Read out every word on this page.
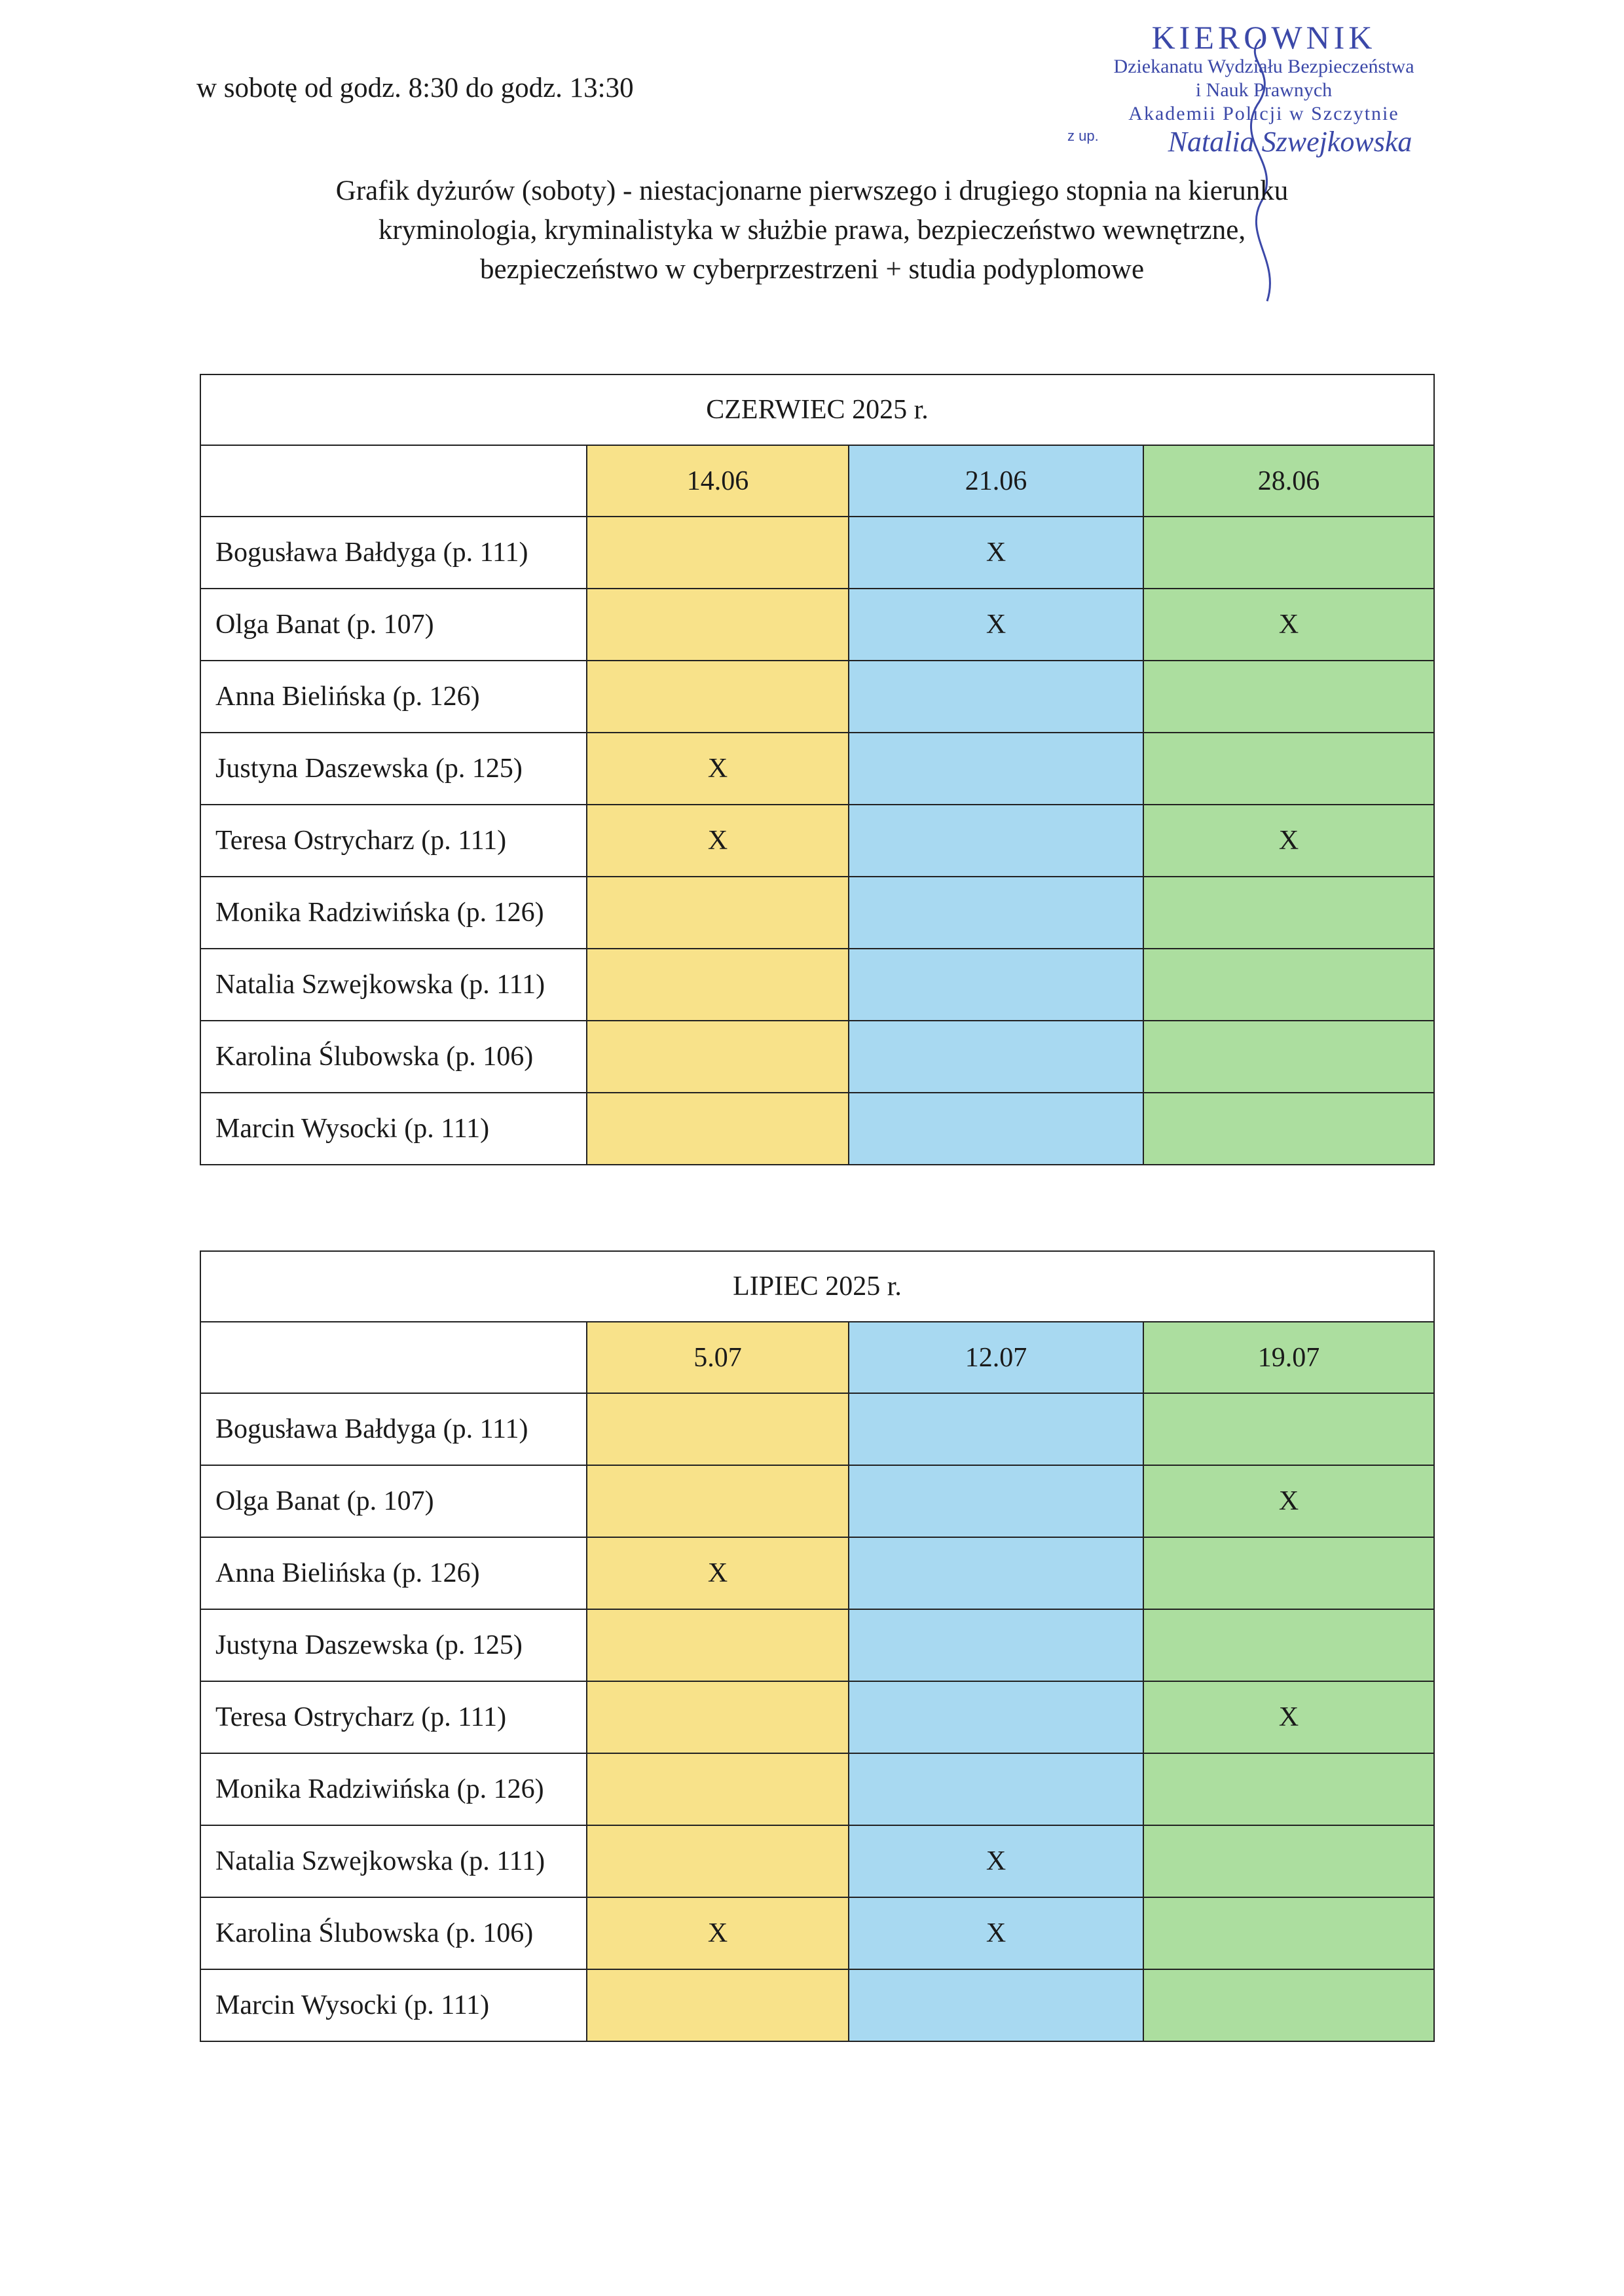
w sobotę od godz. 8:30 do godz. 13:30
KIEROWNIK
Dziekanatu Wydziału Bezpieczeństwa
i Nauk Prawnych
Akademii Policji w Szczytnie
z up.	Natalia Szwejkowska
Grafik dyżurów (soboty) - niestacjonarne pierwszego i drugiego stopnia na kierunku
kryminologia, kryminalistyka w służbie prawa, bezpieczeństwo wewnętrzne,
bezpieczeństwo w cyberprzestrzeni + studia podyplomowe
CZERWIEC 2025 r.			
	14.06	21.06	28.06
Bogusława Bałdyga (p. 111)		X	
Olga Banat (p. 107)		X	X
Anna Bielińska (p. 126)			
Justyna Daszewska (p. 125)	X		
Teresa Ostrycharz (p. 111)	X		X
Monika Radziwińska (p. 126)			
Natalia Szwejkowska (p. 111)			
Karolina Ślubowska (p. 106)			
Marcin Wysocki (p. 111)			
LIPIEC 2025 r.			
	5.07	12.07	19.07
Bogusława Bałdyga (p. 111)			
Olga Banat (p. 107)			X
Anna Bielińska (p. 126)	X		
Justyna Daszewska (p. 125)			
Teresa Ostrycharz (p. 111)			X
Monika Radziwińska (p. 126)			
Natalia Szwejkowska (p. 111)		X	
Karolina Ślubowska (p. 106)	X	X	
Marcin Wysocki (p. 111)			
